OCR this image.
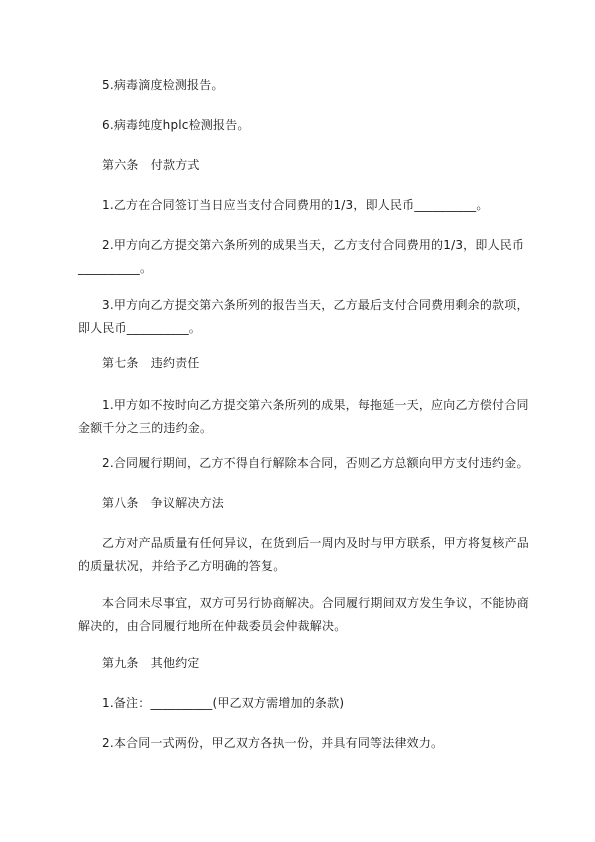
5.病毒滴度检测报告。

6.病毒纯度hplc检测报告。

第六条　付款方式

1.乙方在合同签订当日应当支付合同费用的1/3，即人民币__________。

2.甲方向乙方提交第六条所列的成果当天，乙方支付合同费用的1/3，即人民币__________。

3.甲方向乙方提交第六条所列的报告当天，乙方最后支付合同费用剩余的款项，即人民币__________。

第七条　违约责任

1.甲方如不按时向乙方提交第六条所列的成果，每拖延一天，应向乙方偿付合同金额千分之三的违约金。

2.合同履行期间，乙方不得自行解除本合同，否则乙方总额向甲方支付违约金。

第八条　争议解决方法

乙方对产品质量有任何异议，在货到后一周内及时与甲方联系，甲方将复核产品的质量状况，并给予乙方明确的答复。

本合同未尽事宜，双方可另行协商解决。合同履行期间双方发生争议，不能协商解决的，由合同履行地所在仲裁委员会仲裁解决。

第九条　其他约定

1.备注：__________(甲乙双方需增加的条款)

2.本合同一式两份，甲乙双方各执一份，并具有同等法律效力。
